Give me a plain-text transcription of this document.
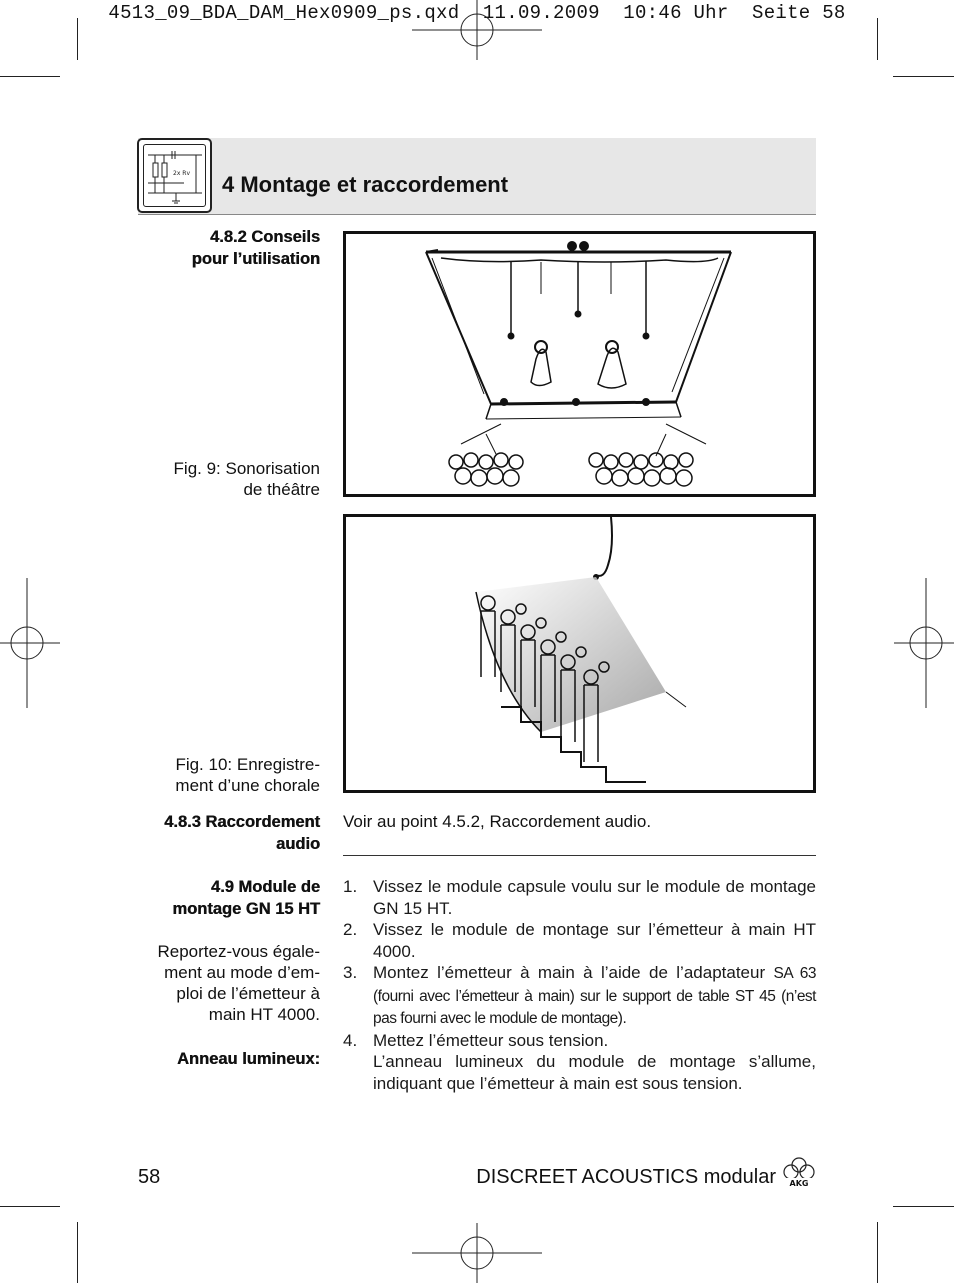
4513_09_BDA_DAM_Hex0909_ps.qxd  11.09.2009  10:46 Uhr  Seite 58
2x Rv 4 Montage et raccordement
4.8.2 Conseils
pour l’utilisation
Fig. 9: Sonorisation
de théâtre
Fig. 10: Enregistre-
ment d’une chorale
4.8.3 Raccordement
audio
Voir au point 4.5.2, Raccordement audio.
4.9 Module de
montage GN 15 HT
Reportez-vous égale-
ment au mode d’em-
ploi de l’émetteur à
main HT 4000.
Anneau lumineux:
1. Vissez le module capsule voulu sur le module de montage GN 15 HT.
2. Vissez le module de montage sur l’émetteur à main HT 4000.
3. Montez l’émetteur à main à l’aide de l’adaptateur SA 63 (fourni avec l’émetteur à main) sur le support de table ST 45 (n’est pas fourni avec le module de montage).
4. Mettez l’émetteur sous tension.
L’anneau lumineux du module de montage s’allume, indiquant que l’émetteur à main est sous tension.
58	DISCREET ACOUSTICS modular AKG
